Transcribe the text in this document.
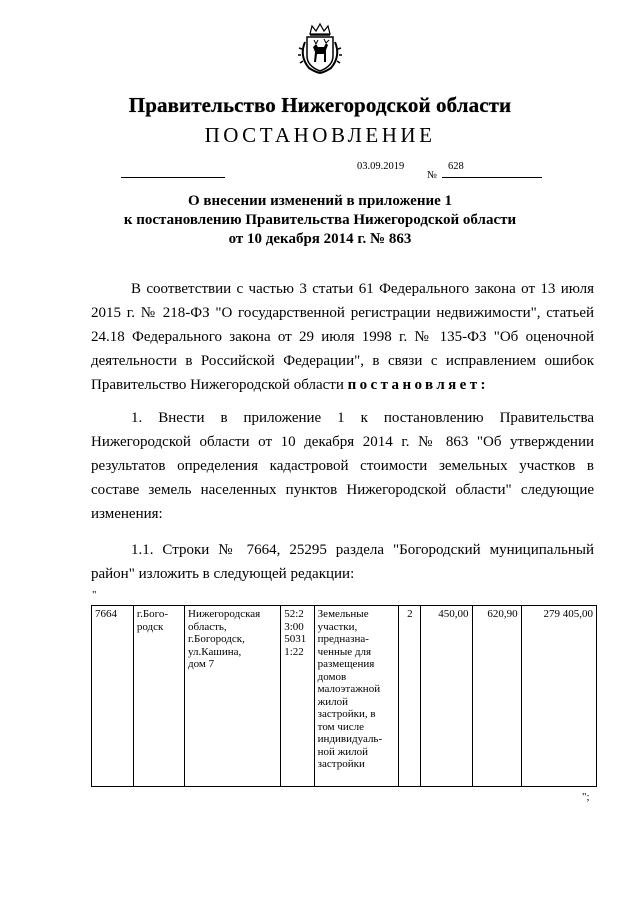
Правительство Нижегородской области
ПОСТАНОВЛЕНИЕ
03.09.2019
№
628
О внесении изменений в приложение 1
к постановлению Правительства Нижегородской области
от 10 декабря 2014 г. № 863
В соответствии с частью 3 статьи 61 Федерального закона от 13 июля 2015 г. № 218-ФЗ "О государственной регистрации недвижимости", статьей 24.18 Федерального закона от 29 июля 1998 г. № 135-ФЗ "Об оценочной деятельности в Российской Федерации", в связи с исправлением ошибок Правительство Нижегородской области постановляет:
1. Внести в приложение 1 к постановлению Правительства Нижегородской области от 10 декабря 2014 г. № 863 "Об утверждении результатов определения кадастровой стоимости земельных участков в составе земель населенных пунктов Нижегородской области" следующие изменения:
1.1. Строки № 7664, 25295 раздела "Богородский муниципальный район" изложить в следующей редакции:
"
7664	г.Бого-
родск	Нижегородская
область,
г.Богородск,
ул.Кашина,
дом 7	52:2
3:00
5031
1:22	Земельные
участки,
предназна-
ченные для
размещения
домов
малоэтажной
жилой
застройки, в
том числе
индивидуаль-
ной жилой
застройки	2	450,00	620,90	279 405,00
";
